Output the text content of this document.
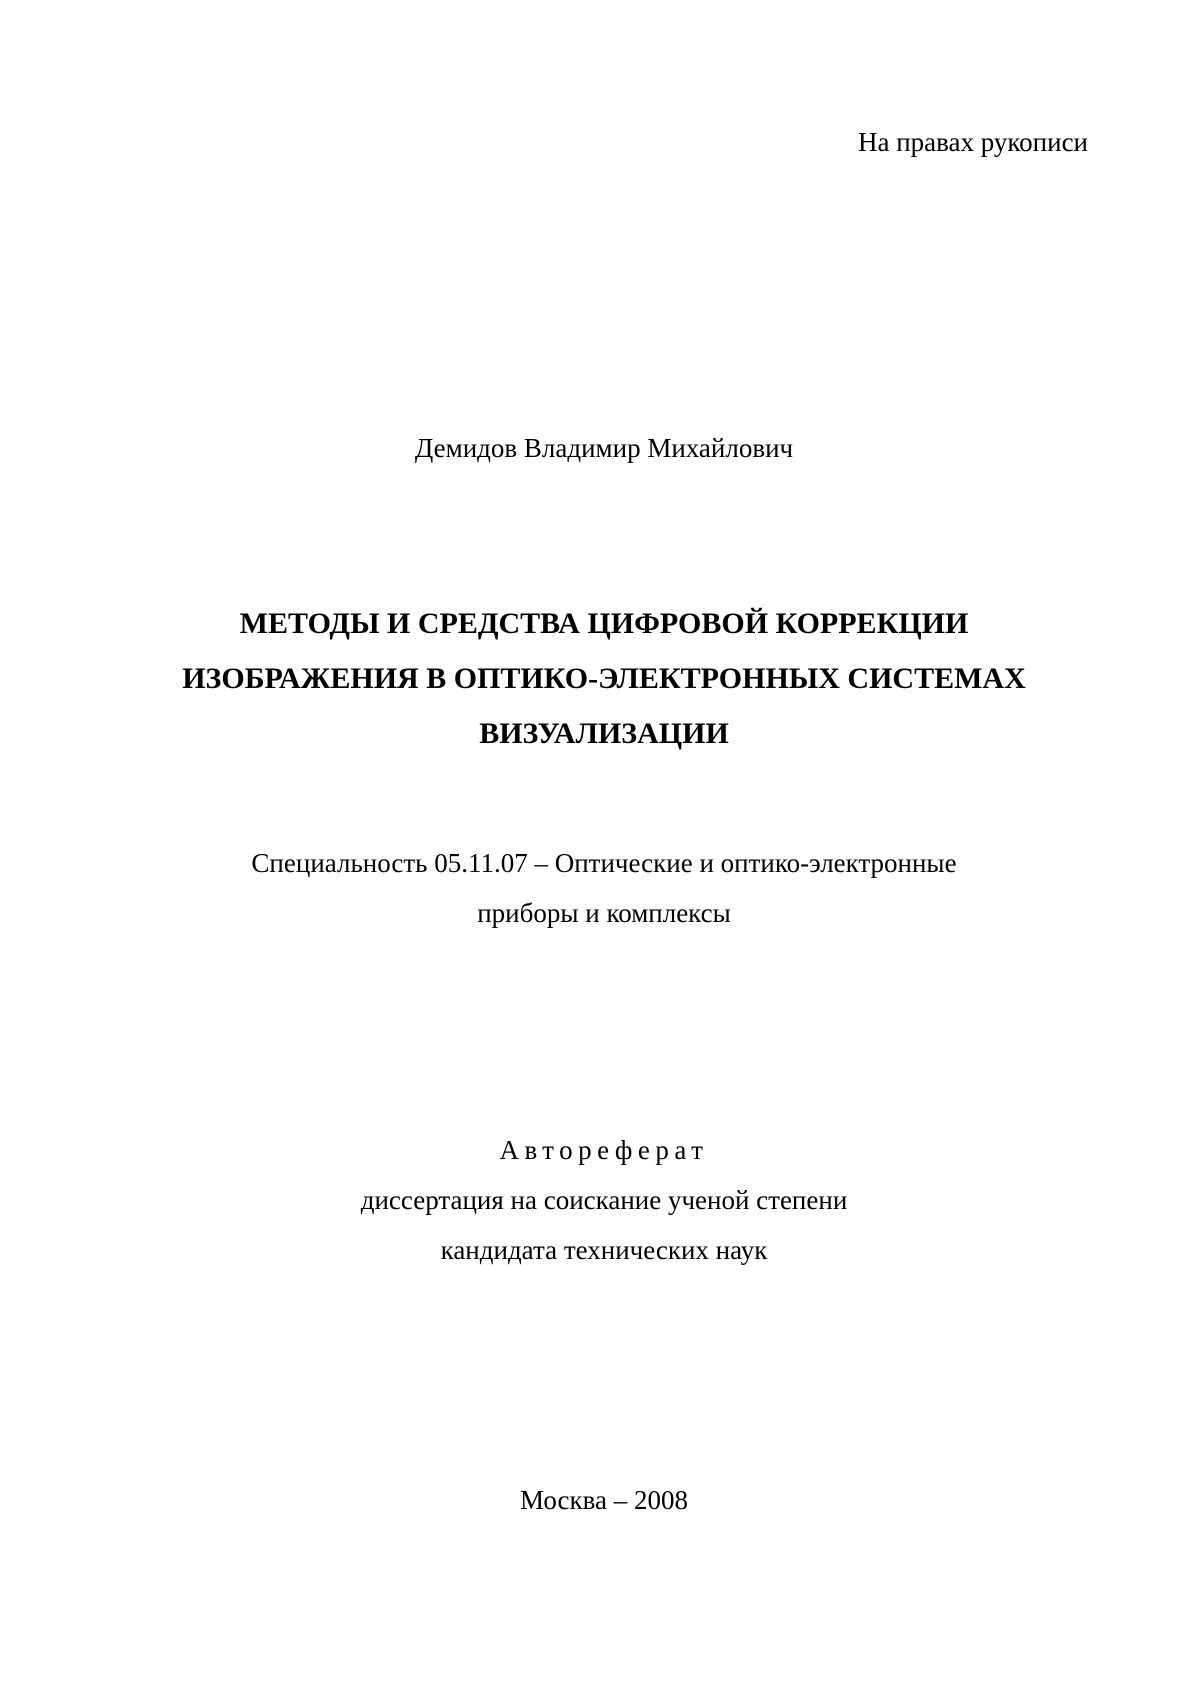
На правах рукописи
Демидов Владимир Михайлович
МЕТОДЫ И СРЕДСТВА ЦИФРОВОЙ КОРРЕКЦИИ
ИЗОБРАЖЕНИЯ В ОПТИКО-ЭЛЕКТРОННЫХ СИСТЕМАХ
ВИЗУАЛИЗАЦИИ
Специальность 05.11.07 – Оптические и оптико-электронные
приборы и комплексы
Автореферат
диссертация на соискание ученой степени
кандидата технических наук
Москва – 2008
